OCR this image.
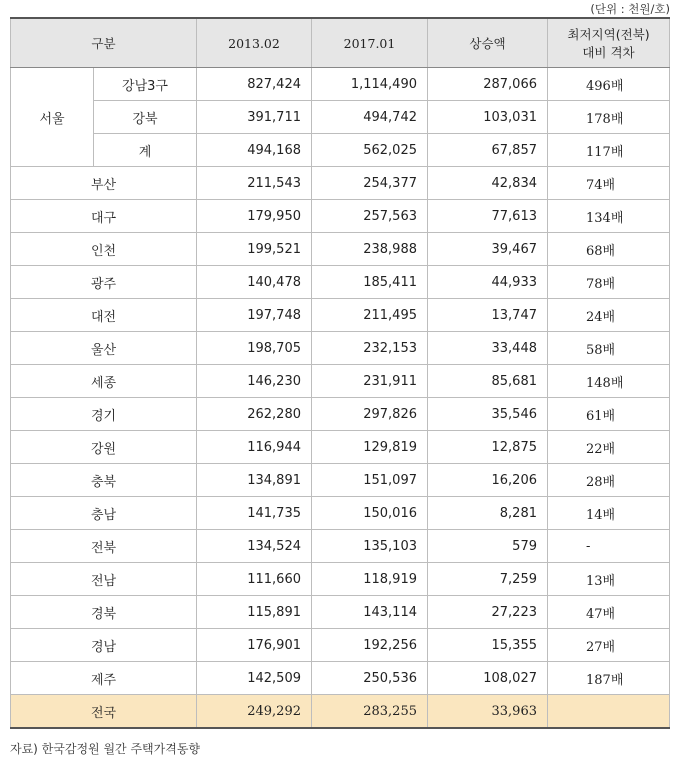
(단위 : 천원/호)
구분		2013.02	2017.01	상승액	최저지역(전북)
대비 격차

서울	강남3구	827,424	1,114,490	287,066	496배
	강북	391,711	494,742	103,031	178배
	계	494,168	562,025	67,857	117배
부산		211,543	254,377	42,834	74배
대구		179,950	257,563	77,613	134배
인천		199,521	238,988	39,467	68배
광주		140,478	185,411	44,933	78배
대전		197,748	211,495	13,747	24배
울산		198,705	232,153	33,448	58배
세종		146,230	231,911	85,681	148배
경기		262,280	297,826	35,546	61배
강원		116,944	129,819	12,875	22배
충북		134,891	151,097	16,206	28배
충남		141,735	150,016	8,281	14배
전북		134,524	135,103	579	-
전남		111,660	118,919	7,259	13배
경북		115,891	143,114	27,223	47배
경남		176,901	192,256	15,355	27배
제주		142,509	250,536	108,027	187배
전국		249,292	283,255	33,963	
자료) 한국감정원 월간 주택가격동향
